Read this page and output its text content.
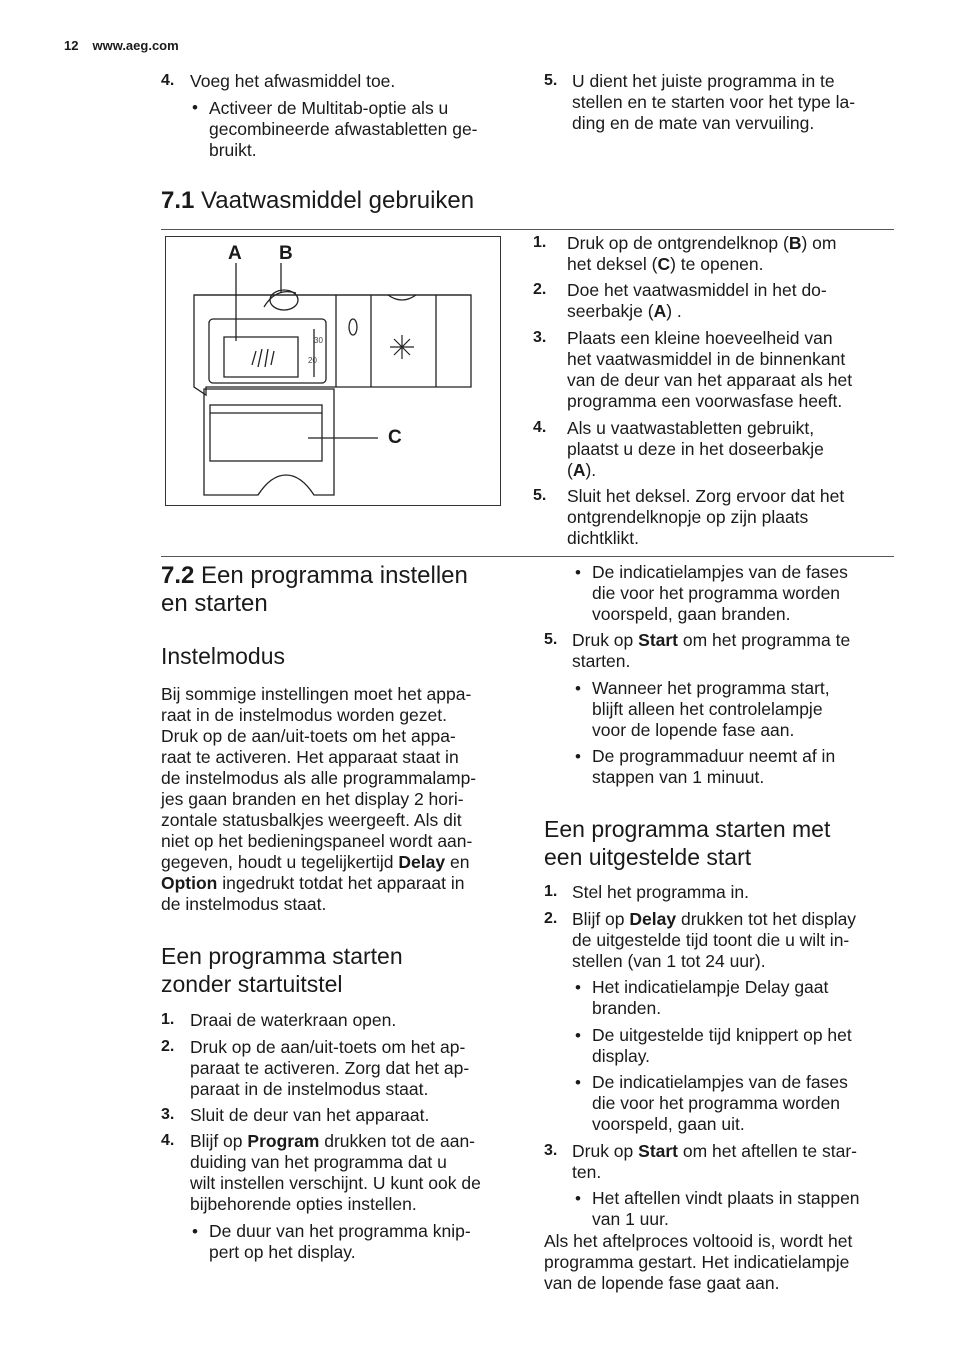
12 www.aeg.com
4. Voeg het afwasmiddel toe.
• Activeer de Multitab-optie als u
gecombineerde afwastabletten ge-
bruikt.
5. U dient het juiste programma in te
stellen en te starten voor het type la-
ding en de mate van vervuiling.
7.1 Vaatwasmiddel gebruiken
30
20
A B
C
1. Druk op de ontgrendelknop (B) om
het deksel (C) te openen.
2. Doe het vaatwasmiddel in het do-
seerbakje (A) .
3. Plaats een kleine hoeveelheid van
het vaatwasmiddel in de binnenkant
van de deur van het apparaat als het
programma een voorwasfase heeft.
4. Als u vaatwastabletten gebruikt,
plaatst u deze in het doseerbakje
(A).
5. Sluit het deksel. Zorg ervoor dat het
ontgrendelknopje op zijn plaats
dichtklikt.
7.2 Een programma instellen
en starten
Instelmodus
Bij sommige instellingen moet het appa-
raat in de instelmodus worden gezet.
Druk op de aan/uit-toets om het appa-
raat te activeren. Het apparaat staat in
de instelmodus als alle programmalamp-
jes gaan branden en het display 2 hori-
zontale statusbalkjes weergeeft. Als dit
niet op het bedieningspaneel wordt aan-
gegeven, houdt u tegelijkertijd Delay en
Option ingedrukt totdat het apparaat in
de instelmodus staat.
Een programma starten
zonder startuitstel
1. Draai de waterkraan open.
2. Druk op de aan/uit-toets om het ap-
paraat te activeren. Zorg dat het ap-
paraat in de instelmodus staat.
3. Sluit de deur van het apparaat.
4. Blijf op Program drukken tot de aan-
duiding van het programma dat u
wilt instellen verschijnt. U kunt ook de
bijbehorende opties instellen.
• De duur van het programma knip-
pert op het display.
• De indicatielampjes van de fases
die voor het programma worden
voorspeld, gaan branden.
5. Druk op Start om het programma te
starten.
• Wanneer het programma start,
blijft alleen het controlelampje
voor de lopende fase aan.
• De programmaduur neemt af in
stappen van 1 minuut.
Een programma starten met
een uitgestelde start
1. Stel het programma in.
2. Blijf op Delay drukken tot het display
de uitgestelde tijd toont die u wilt in-
stellen (van 1 tot 24 uur).
• Het indicatielampje Delay gaat
branden.
• De uitgestelde tijd knippert op het
display.
• De indicatielampjes van de fases
die voor het programma worden
voorspeld, gaan uit.
3. Druk op Start om het aftellen te star-
ten.
• Het aftellen vindt plaats in stappen
van 1 uur.
Als het aftelproces voltooid is, wordt het
programma gestart. Het indicatielampje
van de lopende fase gaat aan.
